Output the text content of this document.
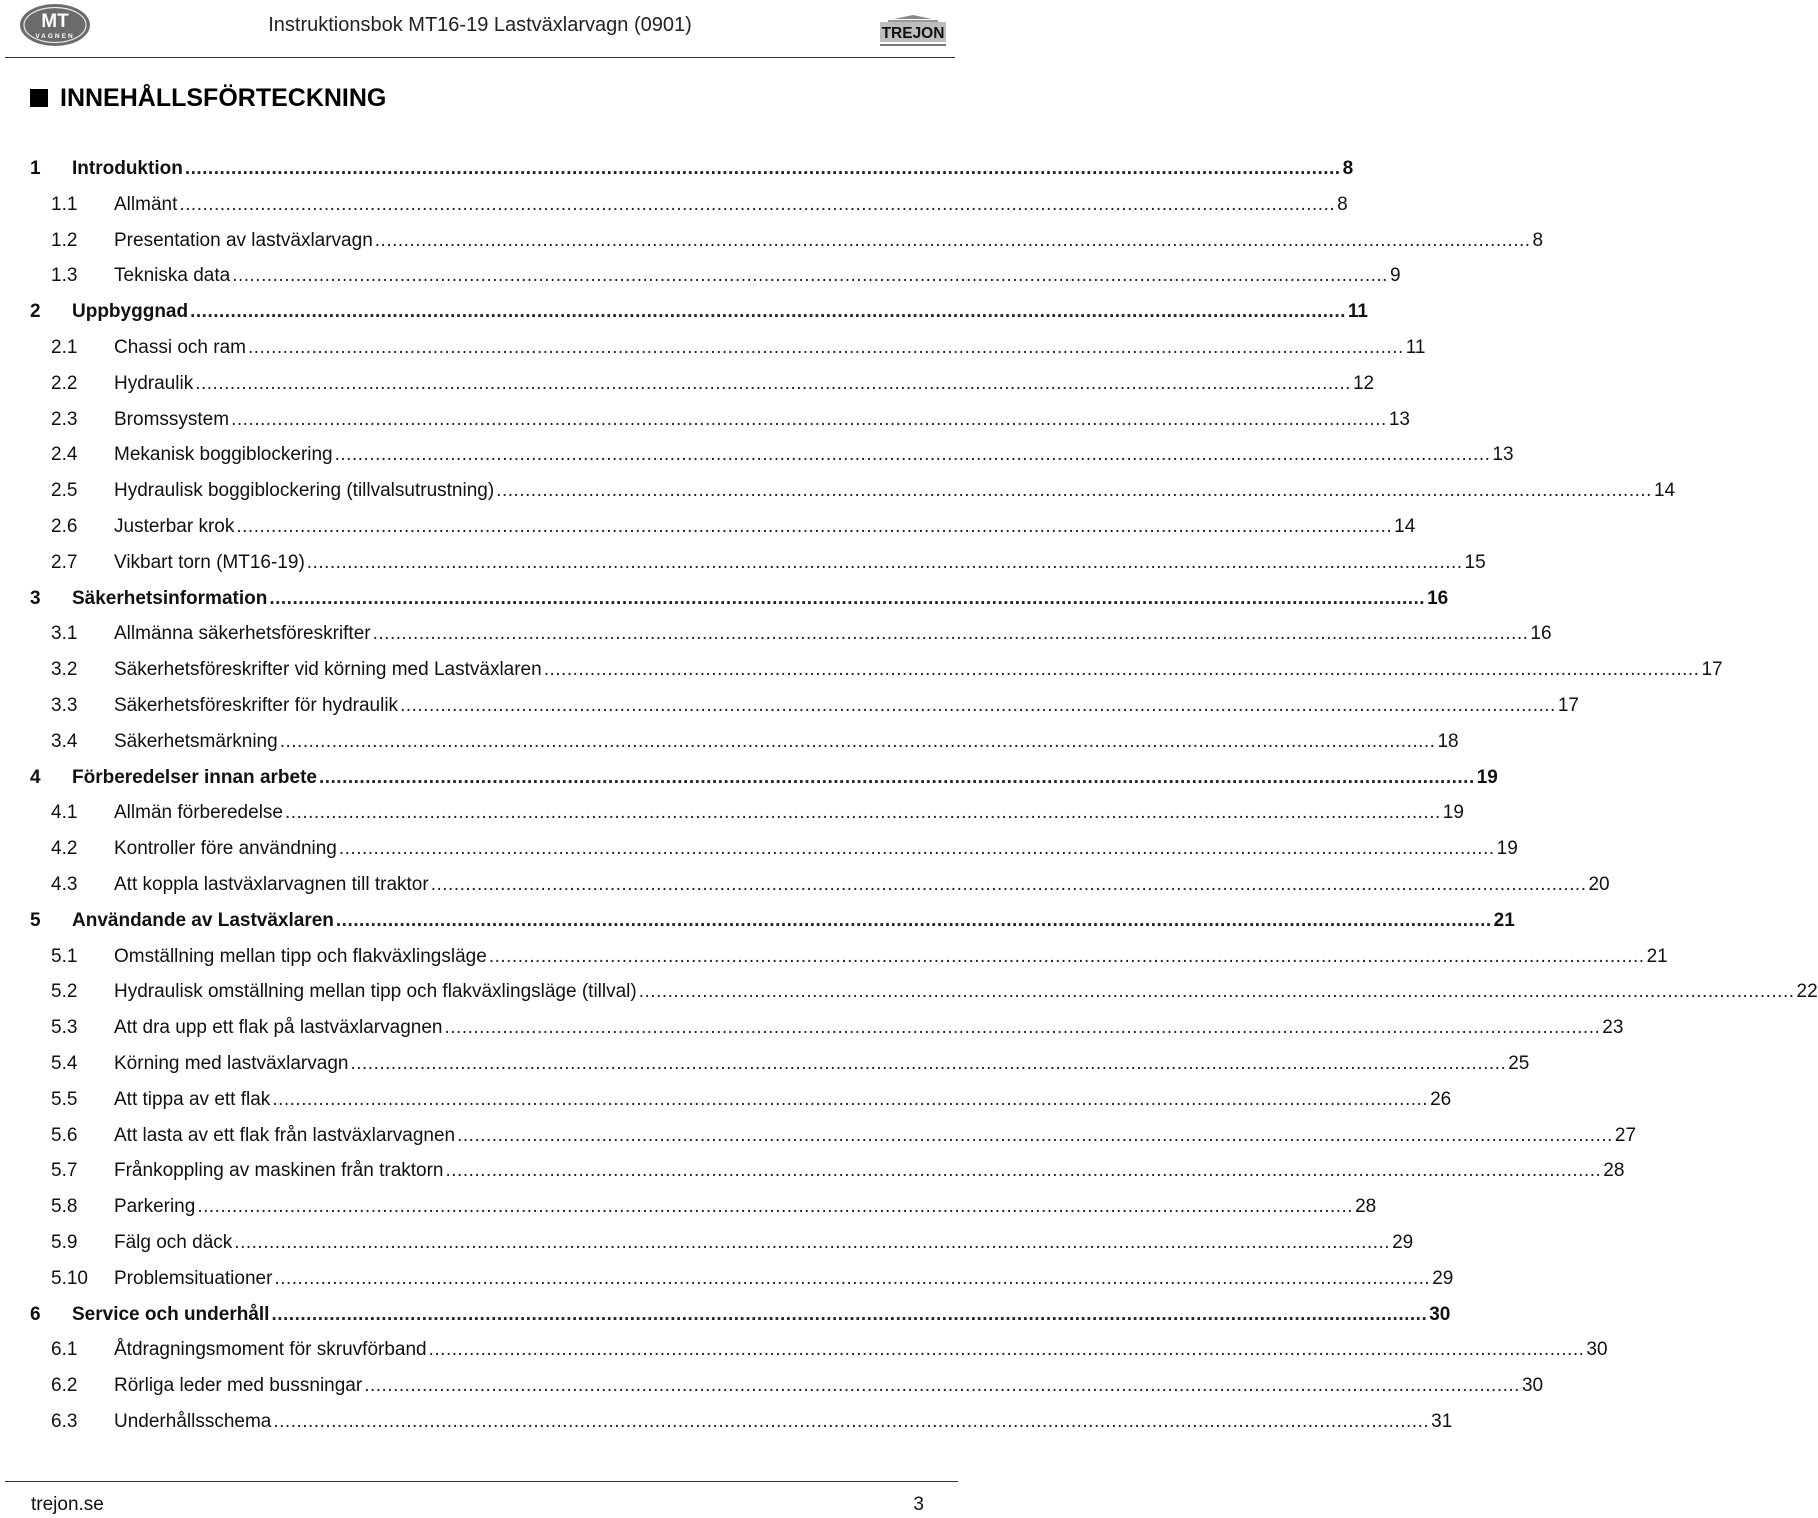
MT
VAGNEN
Instruktionsbok MT16-19 Lastväxlarvagn (0901)	TREJON
INNEHÅLLSFÖRTECKNING
1 Introduktion ........................................................................................................................................................................................................ 8
1.1 Allmänt ........................................................................................................................................................................................................ 8
1.2 Presentation av lastväxlarvagn ........................................................................................................................................................................................................ 8
1.3 Tekniska data ........................................................................................................................................................................................................ 9
2 Uppbyggnad ........................................................................................................................................................................................................ 11
2.1 Chassi och ram ........................................................................................................................................................................................................ 11
2.2 Hydraulik ........................................................................................................................................................................................................ 12
2.3 Bromssystem ........................................................................................................................................................................................................ 13
2.4 Mekanisk boggiblockering ........................................................................................................................................................................................................ 13
2.5 Hydraulisk boggiblockering (tillvalsutrustning) ........................................................................................................................................................................................................ 14
2.6 Justerbar krok ........................................................................................................................................................................................................ 14
2.7 Vikbart torn (MT16-19) ........................................................................................................................................................................................................ 15
3 Säkerhetsinformation ........................................................................................................................................................................................................ 16
3.1 Allmänna säkerhetsföreskrifter ........................................................................................................................................................................................................ 16
3.2 Säkerhetsföreskrifter vid körning med Lastväxlaren ........................................................................................................................................................................................................ 17
3.3 Säkerhetsföreskrifter för hydraulik ........................................................................................................................................................................................................ 17
3.4 Säkerhetsmärkning ........................................................................................................................................................................................................ 18
4 Förberedelser innan arbete ........................................................................................................................................................................................................ 19
4.1 Allmän förberedelse ........................................................................................................................................................................................................ 19
4.2 Kontroller före användning ........................................................................................................................................................................................................ 19
4.3 Att koppla lastväxlarvagnen till traktor ........................................................................................................................................................................................................ 20
5 Användande av Lastväxlaren ........................................................................................................................................................................................................ 21
5.1 Omställning mellan tipp och flakväxlingsläge ........................................................................................................................................................................................................ 21
5.2 Hydraulisk omställning mellan tipp och flakväxlingsläge (tillval) ........................................................................................................................................................................................................ 22
5.3 Att dra upp ett flak på lastväxlarvagnen ........................................................................................................................................................................................................ 23
5.4 Körning med lastväxlarvagn ........................................................................................................................................................................................................ 25
5.5 Att tippa av ett flak ........................................................................................................................................................................................................ 26
5.6 Att lasta av ett flak från lastväxlarvagnen ........................................................................................................................................................................................................ 27
5.7 Frånkoppling av maskinen från traktorn ........................................................................................................................................................................................................ 28
5.8 Parkering ........................................................................................................................................................................................................ 28
5.9 Fälg och däck ........................................................................................................................................................................................................ 29
5.10 Problemsituationer ........................................................................................................................................................................................................ 29
6 Service och underhåll ........................................................................................................................................................................................................ 30
6.1 Åtdragningsmoment för skruvförband ........................................................................................................................................................................................................ 30
6.2 Rörliga leder med bussningar ........................................................................................................................................................................................................ 30
6.3 Underhållsschema ........................................................................................................................................................................................................ 31
trejon.se	3
